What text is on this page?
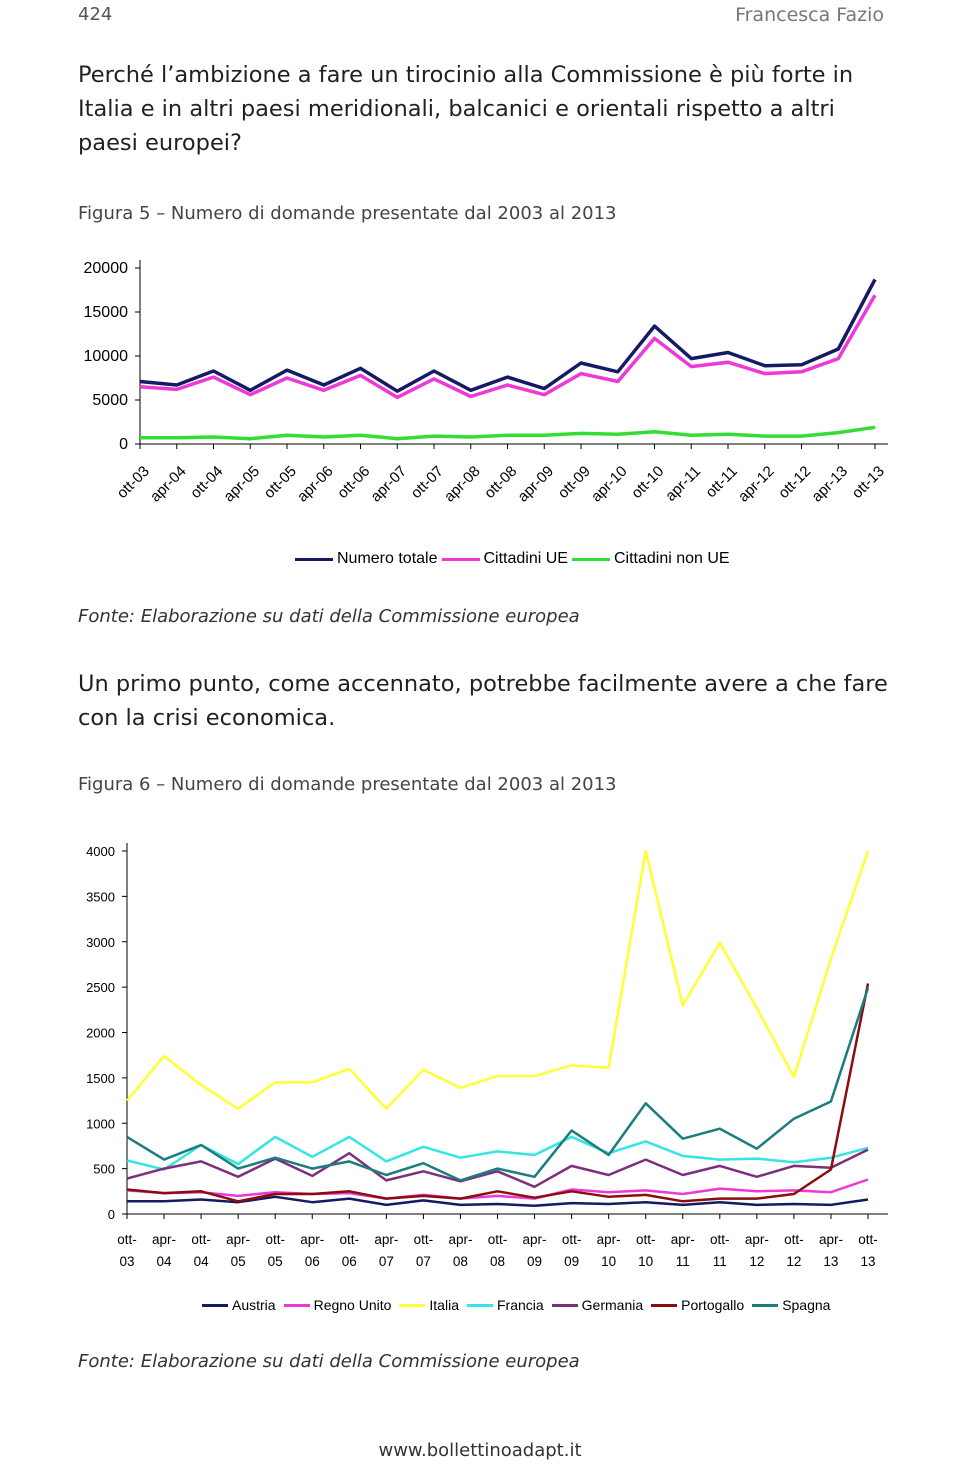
424	Francesca Fazio
Perché l’ambizione a fare un tirocinio alla Commissione è più forte in Italia e in altri paesi meridionali, balcanici e orientali rispetto a altri paesi europei?
Figura 5 – Numero di domande presentate dal 2003 al 2013
0
5000
10000
15000
20000
ott-03
apr-04
ott-04
apr-05
ott-05
apr-06
ott-06
apr-07
ott-07
apr-08
ott-08
apr-09
ott-09
apr-10
ott-10
apr-11
ott-11
apr-12
ott-12
apr-13
ott-13
Numero totale	Cittadini UE	Cittadini non UE
Fonte: Elaborazione su dati della Commissione europea
Un primo punto, come accennato, potrebbe facilmente avere a che fare con la crisi economica.
Figura 6 – Numero di domande presentate dal 2003 al 2013
0
500
1000
1500
2000
2500
3000
3500
4000
ott-03
apr-04
ott-04
apr-05
ott-05
apr-06
ott-06
apr-07
ott-07
apr-08
ott-08
apr-09
ott-09
apr-10
ott-10
apr-11
ott-11
apr-12
ott-12
apr-13
ott-13
Austria	Regno Unito	Italia	Francia	Germania	Portogallo	Spagna
Fonte: Elaborazione su dati della Commissione europea
www.bollettinoadapt.it
